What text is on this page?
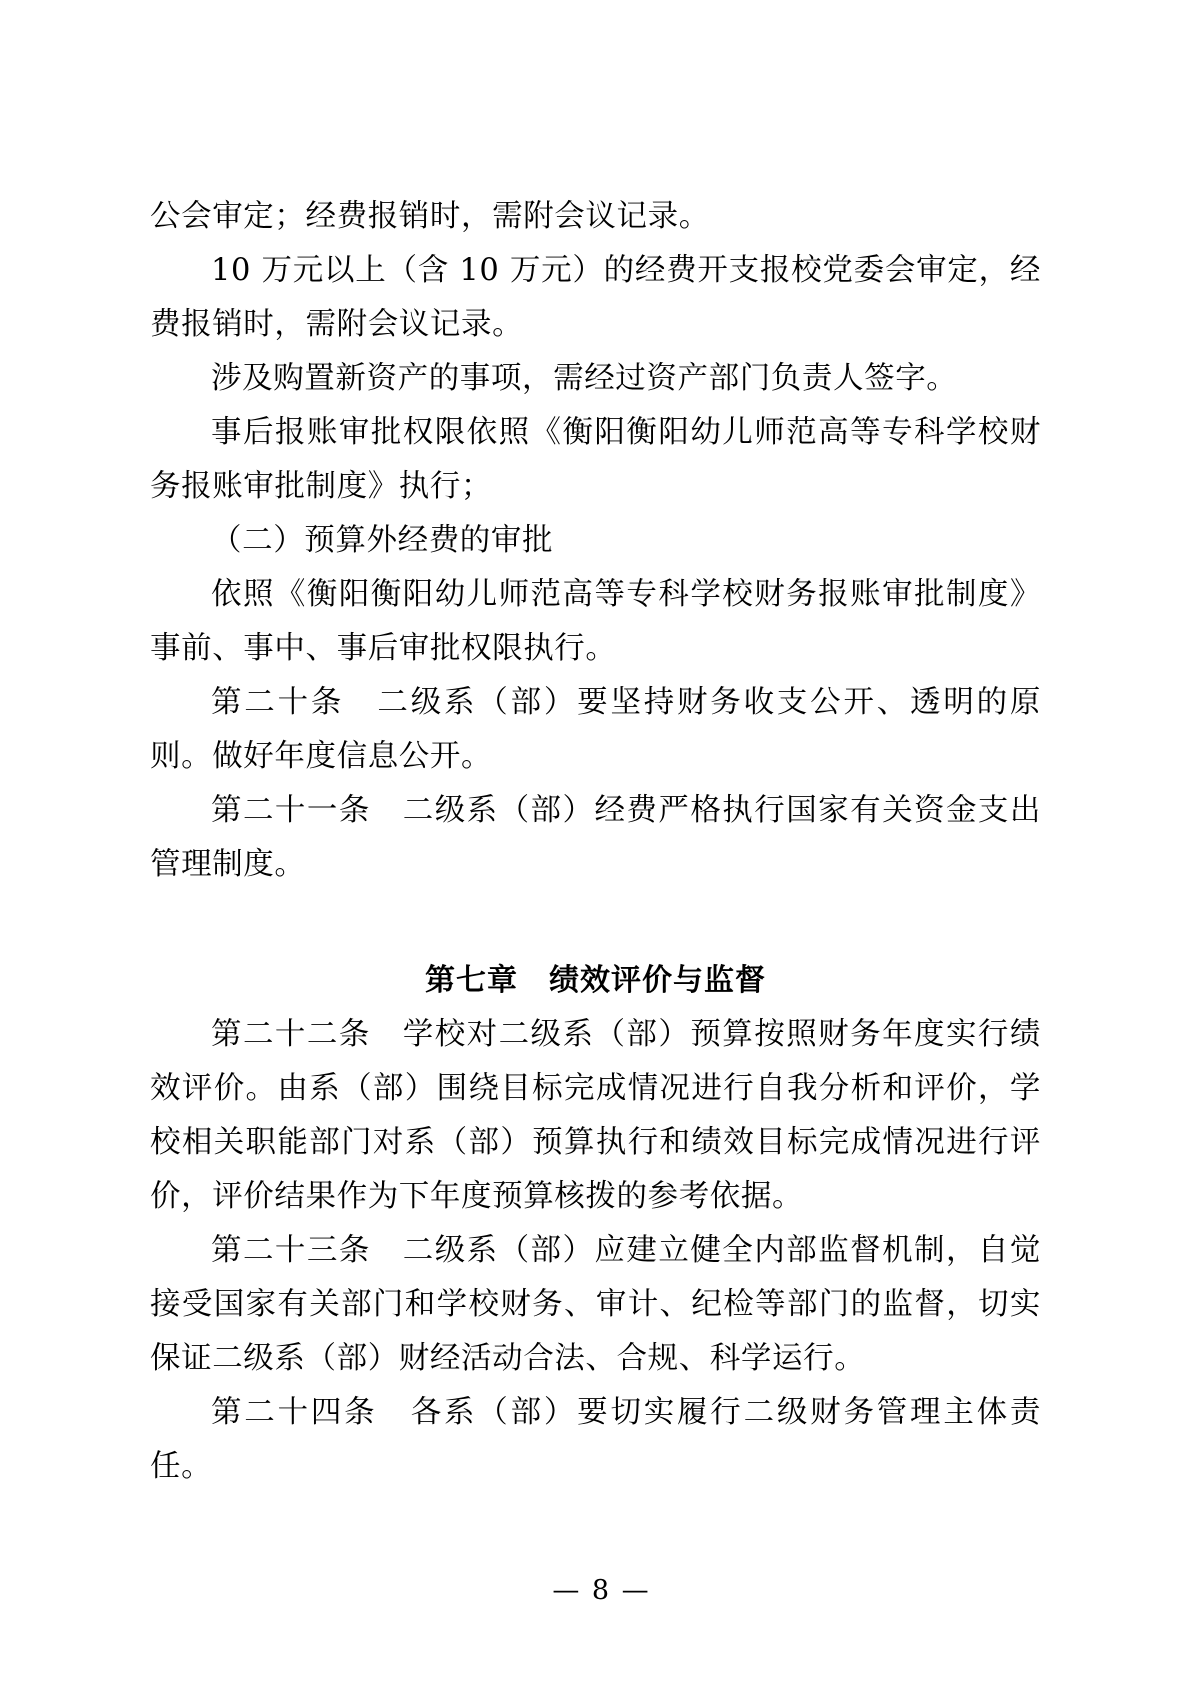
公会审定；经费报销时，需附会议记录。

10 万元以上（含 10 万元）的经费开支报校党委会审定，经费报销时，需附会议记录。

涉及购置新资产的事项，需经过资产部门负责人签字。

事后报账审批权限依照《衡阳衡阳幼儿师范高等专科学校财务报账审批制度》执行；

（二）预算外经费的审批

依照《衡阳衡阳幼儿师范高等专科学校财务报账审批制度》事前、事中、事后审批权限执行。

第二十条　二级系（部）要坚持财务收支公开、透明的原则。做好年度信息公开。

第二十一条　二级系（部）经费严格执行国家有关资金支出管理制度。

第七章　绩效评价与监督

第二十二条　学校对二级系（部）预算按照财务年度实行绩效评价。由系（部）围绕目标完成情况进行自我分析和评价，学校相关职能部门对系（部）预算执行和绩效目标完成情况进行评价，评价结果作为下年度预算核拨的参考依据。

第二十三条　二级系（部）应建立健全内部监督机制，自觉接受国家有关部门和学校财务、审计、纪检等部门的监督，切实保证二级系（部）财经活动合法、合规、科学运行。

第二十四条　各系（部）要切实履行二级财务管理主体责任。

— 8 —
